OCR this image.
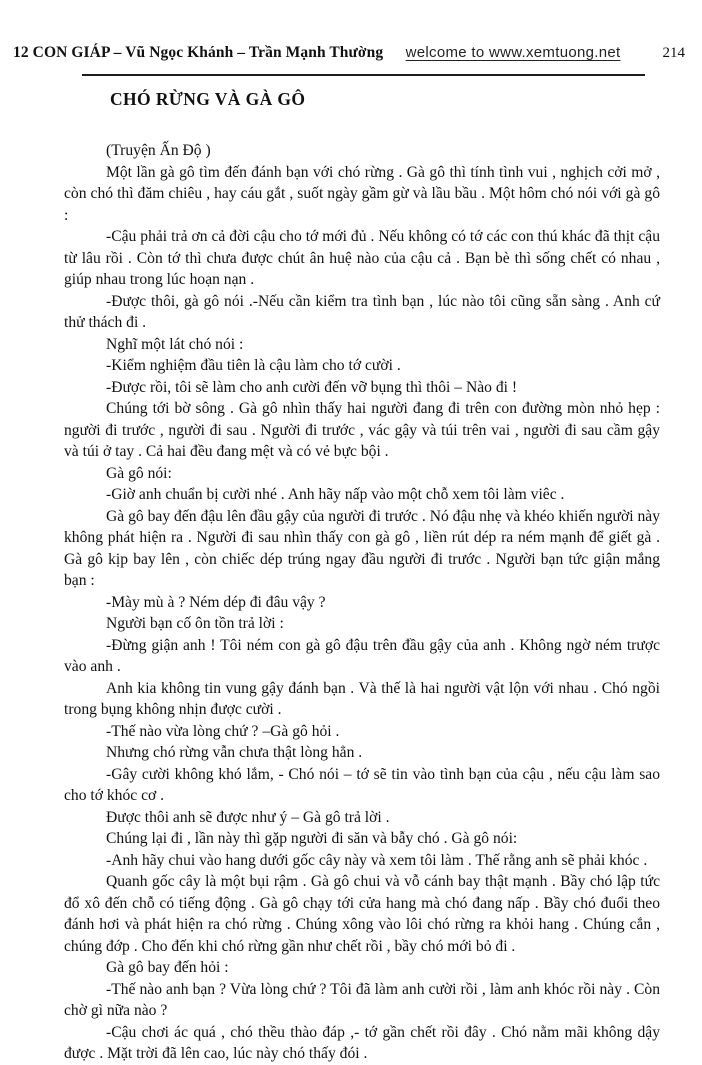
12 CON GIÁP – Vũ Ngọc Khánh – Trần Mạnh Thường welcome to www.xemtuong.net	214
CHÓ RỪNG VÀ GÀ GÔ

(Truyện Ấn Độ )

Một lần gà gô tìm đến đánh bạn với chó rừng . Gà gô thì tính tình vui , nghịch cởi mở , còn chó thì đăm chiêu , hay cáu gắt , suốt ngày gầm gừ và lầu bầu . Một hôm chó nói với gà gô :

-Cậu phải trả ơn cả đời cậu cho tớ mới đủ . Nếu không có tớ các con thú khác đã thịt cậu từ lâu rồi . Còn tớ thì chưa được chút ân huệ nào của cậu cả . Bạn bè thì sống chết có nhau , giúp nhau trong lúc hoạn nạn .

-Được thôi, gà gô nói .-Nếu cần kiểm tra tình bạn , lúc nào tôi cũng sẵn sàng . Anh cứ thử thách đi .

Nghĩ một lát chó nói :

-Kiểm nghiệm đầu tiên là cậu làm cho tớ cười .

-Được rồi, tôi sẽ làm cho anh cười đến vỡ bụng thì thôi – Nào đi !

Chúng tới bờ sông . Gà gô nhìn thấy hai người đang đi trên con đường mòn nhỏ hẹp : người đi trước , người đi sau . Người đi trước , vác gậy và túi trên vai , người đi sau cầm gậy và túi ở tay . Cả hai đều đang mệt và có vẻ bực bội .

Gà gô nói:

-Giờ anh chuẩn bị cười nhé . Anh hãy nấp vào một chỗ xem tôi làm viêc .

Gà gô bay đến đậu lên đầu gậy của người đi trước . Nó đậu nhẹ và khéo khiến người này không phát hiện ra . Người đi sau nhìn thấy con gà gô , liền rút dép ra ném mạnh để giết gà . Gà gô kịp bay lên , còn chiếc dép trúng ngay đầu người đi trước . Người bạn tức giận mắng bạn :

-Mày mù à ? Ném dép đi đâu vậy ?

Người bạn cố ôn tồn trả lời :

-Đừng giận anh ! Tôi ném con gà gô đậu trên đầu gậy của anh . Không ngờ ném trược vào anh .

Anh kia không tin vung gậy đánh bạn . Và thế là hai người vật lộn với nhau . Chó ngồi trong bụng không nhịn được cười .

-Thế nào vừa lòng chứ ? –Gà gô hỏi .

Nhưng chó rừng vẫn chưa thật lòng hẳn .

-Gây cười không khó lắm, - Chó nói – tớ sẽ tin vào tình bạn của cậu , nếu cậu làm sao cho tớ khóc cơ .

Được thôi anh sẽ được như ý – Gà gô trả lời .

Chúng lại đi , lần này thì gặp người đi săn và bẫy chó . Gà gô nói:

-Anh hãy chui vào hang dưới gốc cây này và xem tôi làm . Thế rằng anh sẽ phải khóc .

Quanh gốc cây là một bụi rậm . Gà gô chui và vỗ cánh bay thật mạnh . Bầy chó lập tức đổ xô đến chỗ có tiếng động . Gà gô chạy tới cửa hang mà chó đang nấp . Bầy chó đuổi theo đánh hơi và phát hiện ra chó rừng . Chúng xông vào lôi chó rừng ra khỏi hang . Chúng cắn , chúng đớp . Cho đến khi chó rừng gần như chết rồi , bầy chó mới bỏ đi .

Gà gô bay đến hỏi :

-Thế nào anh bạn ? Vừa lòng chứ ? Tôi đã làm anh cười rồi , làm anh khóc rồi này . Còn chờ gì nữa nào ?

-Cậu chơi ác quá , chó thều thào đáp ,- tớ gần chết rồi đây . Chó nằm mãi không dậy được . Mặt trời đã lên cao, lúc này chó thấy đói .
